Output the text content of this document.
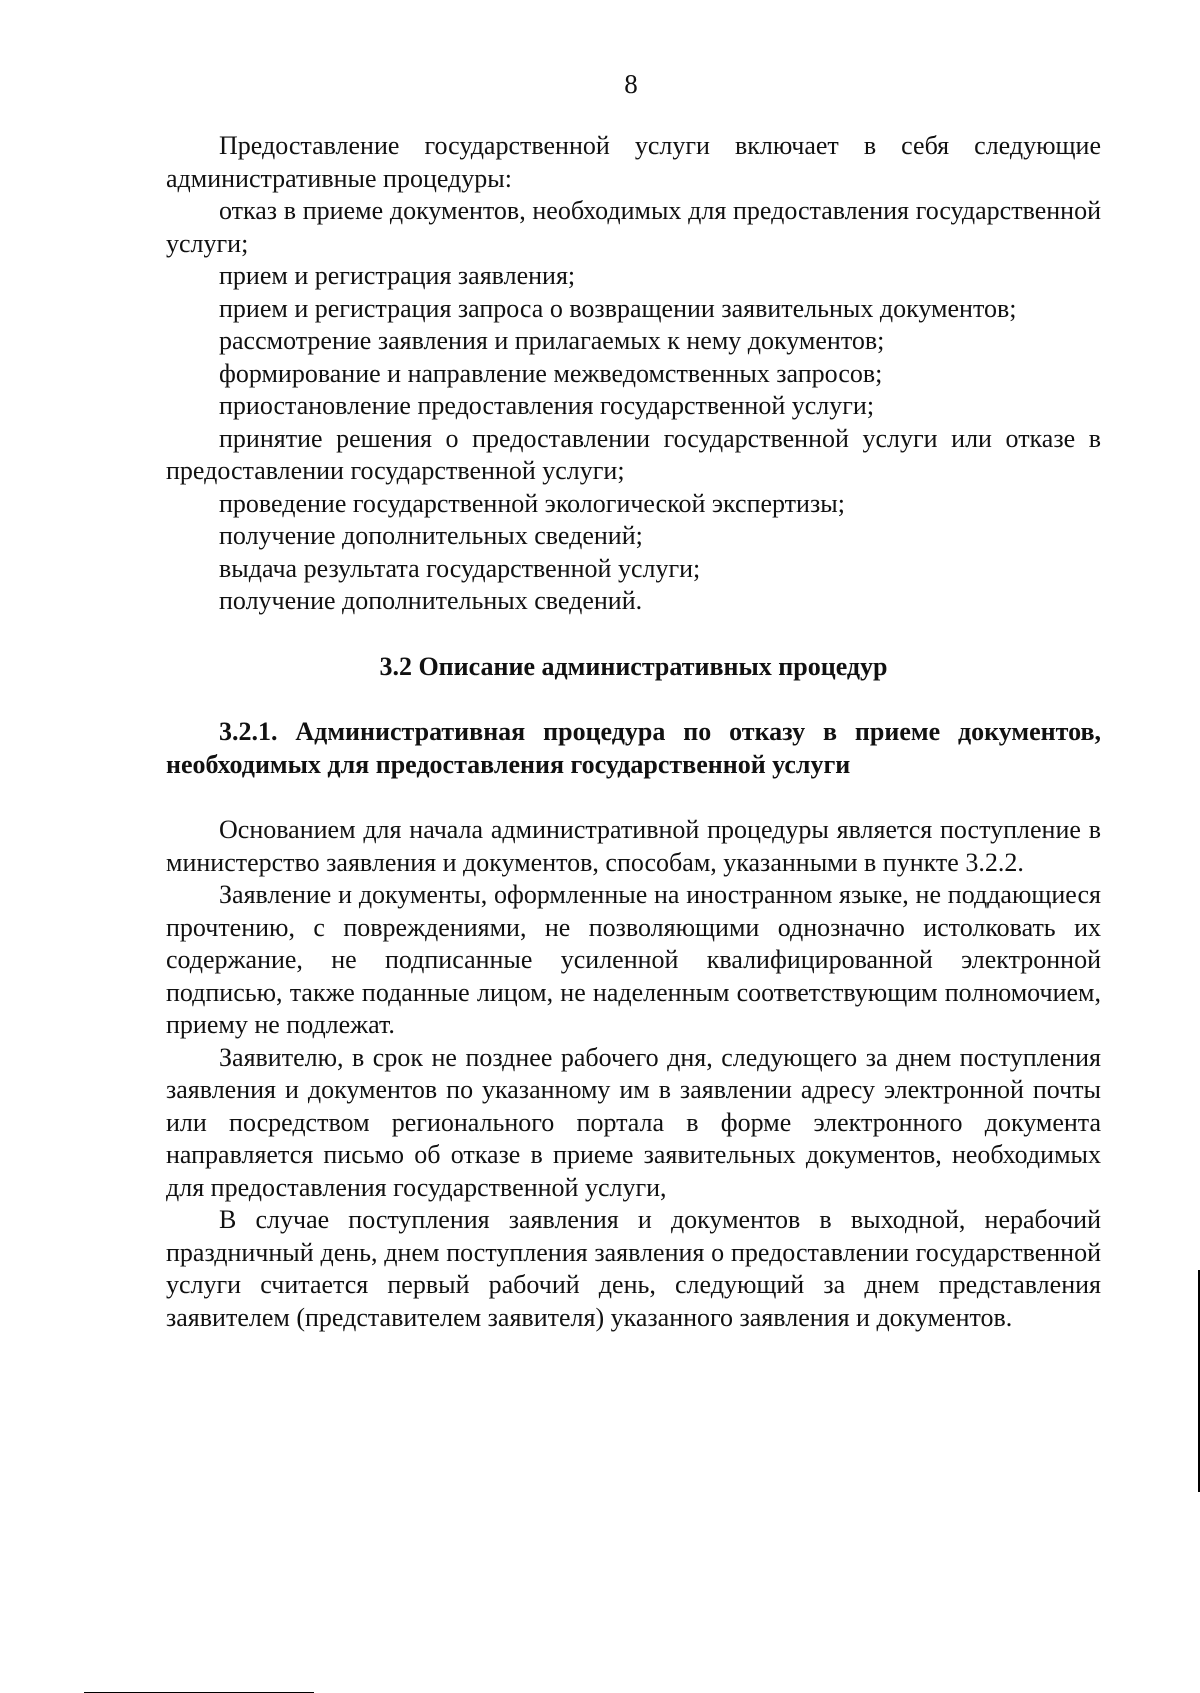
8

Предоставление государственной услуги включает в себя следующие административные процедуры:

отказ в приеме документов, необходимых для предоставления государственной услуги;

прием и регистрация заявления;

прием и регистрация запроса о возвращении заявительных документов;

рассмотрение заявления и прилагаемых к нему документов;

формирование и направление межведомственных запросов;

приостановление предоставления государственной услуги;

принятие решения о предоставлении государственной услуги или отказе в предоставлении государственной услуги;

проведение государственной экологической экспертизы;

получение дополнительных сведений;

выдача результата государственной услуги;

получение дополнительных сведений.

3.2 Описание административных процедур

3.2.1. Административная процедура по отказу в приеме документов, необходимых для предоставления государственной услуги

Основанием для начала административной процедуры является поступление в министерство заявления и документов, способам, указанными в пункте 3.2.2.

Заявление и документы, оформленные на иностранном языке, не поддающиеся прочтению, с повреждениями, не позволяющими однозначно истолковать их содержание, не подписанные усиленной квалифицированной электронной подписью, также поданные лицом, не наделенным соответствующим полномочием, приему не подлежат.

Заявителю, в срок не позднее рабочего дня, следующего за днем поступления заявления и документов по указанному им в заявлении адресу электронной почты или посредством регионального портала в форме электронного документа направляется письмо об отказе в приеме заявительных документов, необходимых для предоставления государственной услуги,

В случае поступления заявления и документов в выходной, нерабочий праздничный день, днем поступления заявления о предоставлении государственной услуги считается первый рабочий день, следующий за днем представления заявителем (представителем заявителя) указанного заявления и документов.
